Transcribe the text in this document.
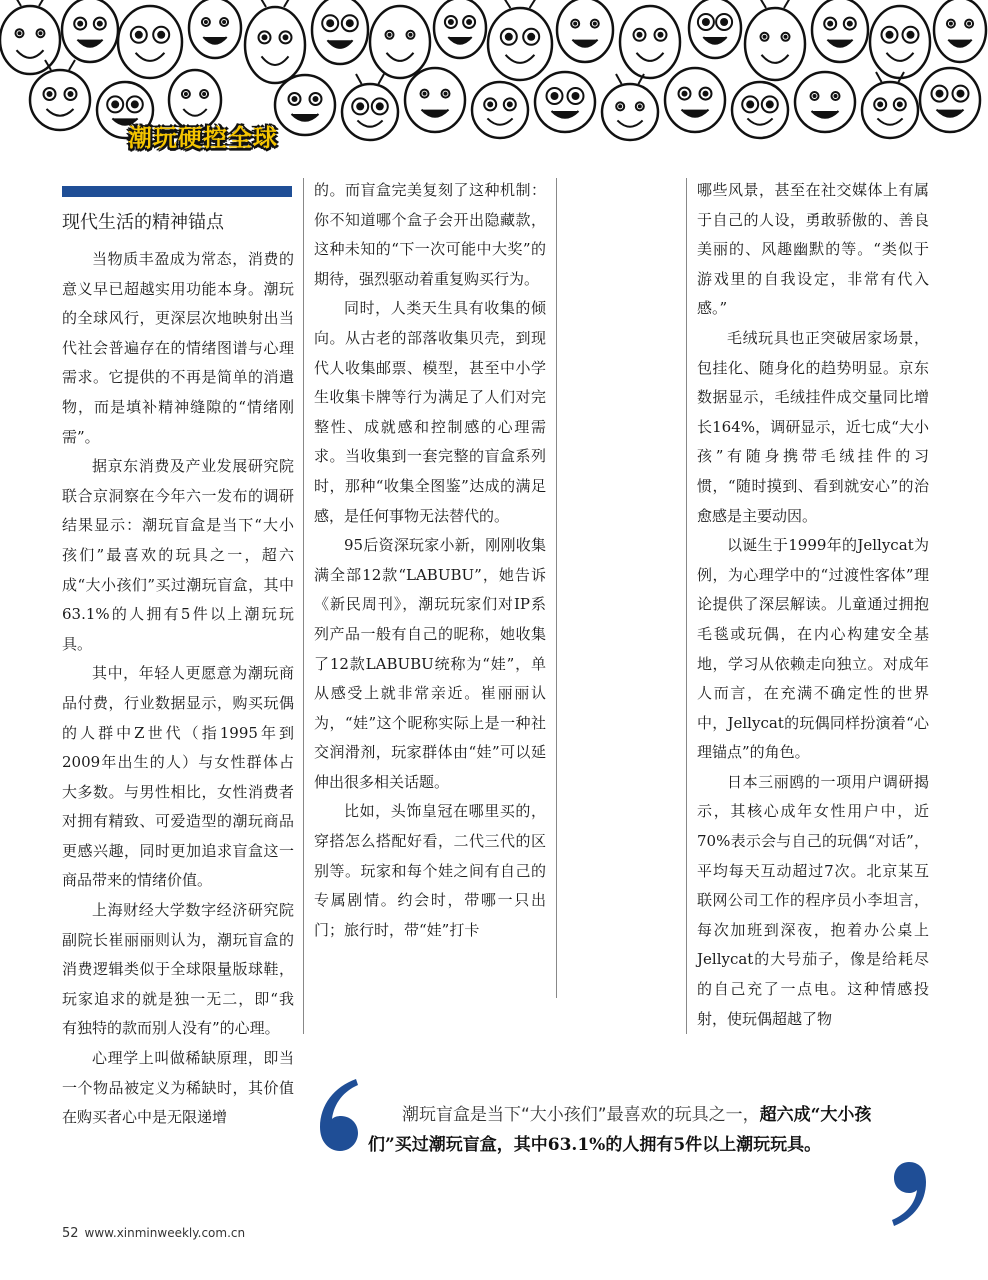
潮玩硬控全球
现代生活的精神锚点

当物质丰盈成为常态，消费的意义早已超越实用功能本身。潮玩的全球风行，更深层次地映射出当代社会普遍存在的情绪图谱与心理需求。它提供的不再是简单的消遣物，而是填补精神缝隙的“情绪刚需”。

据京东消费及产业发展研究院联合京洞察在今年六一发布的调研结果显示：潮玩盲盒是当下“大小孩们”最喜欢的玩具之一，超六成“大小孩们”买过潮玩盲盒，其中63.1%的人拥有5件以上潮玩玩具。

其中，年轻人更愿意为潮玩商品付费，行业数据显示，购买玩偶的人群中Z世代（指1995年到2009年出生的人）与女性群体占大多数。与男性相比，女性消费者对拥有精致、可爱造型的潮玩商品更感兴趣，同时更加追求盲盒这一商品带来的情绪价值。

上海财经大学数字经济研究院副院长崔丽丽则认为，潮玩盲盒的消费逻辑类似于全球限量版球鞋，玩家追求的就是独一无二，即“我有独特的款而别人没有”的心理。

心理学上叫做稀缺原理，即当一个物品被定义为稀缺时，其价值在购买者心中是无限递增

的。而盲盒完美复刻了这种机制：你不知道哪个盒子会开出隐藏款，这种未知的“下一次可能中大奖”的期待，强烈驱动着重复购买行为。

同时，人类天生具有收集的倾向。从古老的部落收集贝壳，到现代人收集邮票、模型，甚至中小学生收集卡牌等行为满足了人们对完整性、成就感和控制感的心理需求。当收集到一套完整的盲盒系列时，那种“收集全图鉴”达成的满足感，是任何事物无法替代的。

95后资深玩家小新，刚刚收集满全部12款“LABUBU”，她告诉《新民周刊》，潮玩玩家们对IP系列产品一般有自己的昵称，她收集了12款LABUBU统称为“娃”，单从感受上就非常亲近。崔丽丽认为，“娃”这个昵称实际上是一种社交润滑剂，玩家群体由“娃”可以延伸出很多相关话题。

比如，头饰皇冠在哪里买的，穿搭怎么搭配好看，二代三代的区别等。玩家和每个娃之间有自己的专属剧情。约会时，带哪一只出门；旅行时，带“娃”打卡

哪些风景，甚至在社交媒体上有属于自己的人设，勇敢骄傲的、善良美丽的、风趣幽默的等。“类似于游戏里的自我设定，非常有代入感。”

毛绒玩具也正突破居家场景，包挂化、随身化的趋势明显。京东数据显示，毛绒挂件成交量同比增长164%，调研显示，近七成“大小孩”有随身携带毛绒挂件的习惯，“随时摸到、看到就安心”的治愈感是主要动因。

以诞生于1999年的Jellycat为例，为心理学中的“过渡性客体”理论提供了深层解读。儿童通过拥抱毛毯或玩偶，在内心构建安全基地，学习从依赖走向独立。对成年人而言，在充满不确定性的世界中，Jellycat的玩偶同样扮演着“心理锚点”的角色。

日本三丽鸥的一项用户调研揭示，其核心成年女性用户中，近70%表示会与自己的玩偶“对话”，平均每天互动超过7次。北京某互联网公司工作的程序员小李坦言，每次加班到深夜，抱着办公桌上Jellycat的大号茄子，像是给耗尽的自己充了一点电。这种情感投射，使玩偶超越了物

潮玩盲盒是当下“大小孩们”最喜欢的玩具之一，超六成“大小孩们”买过潮玩盲盒，其中63.1%的人拥有5件以上潮玩玩具。
52 www.xinminweekly.com.cn
